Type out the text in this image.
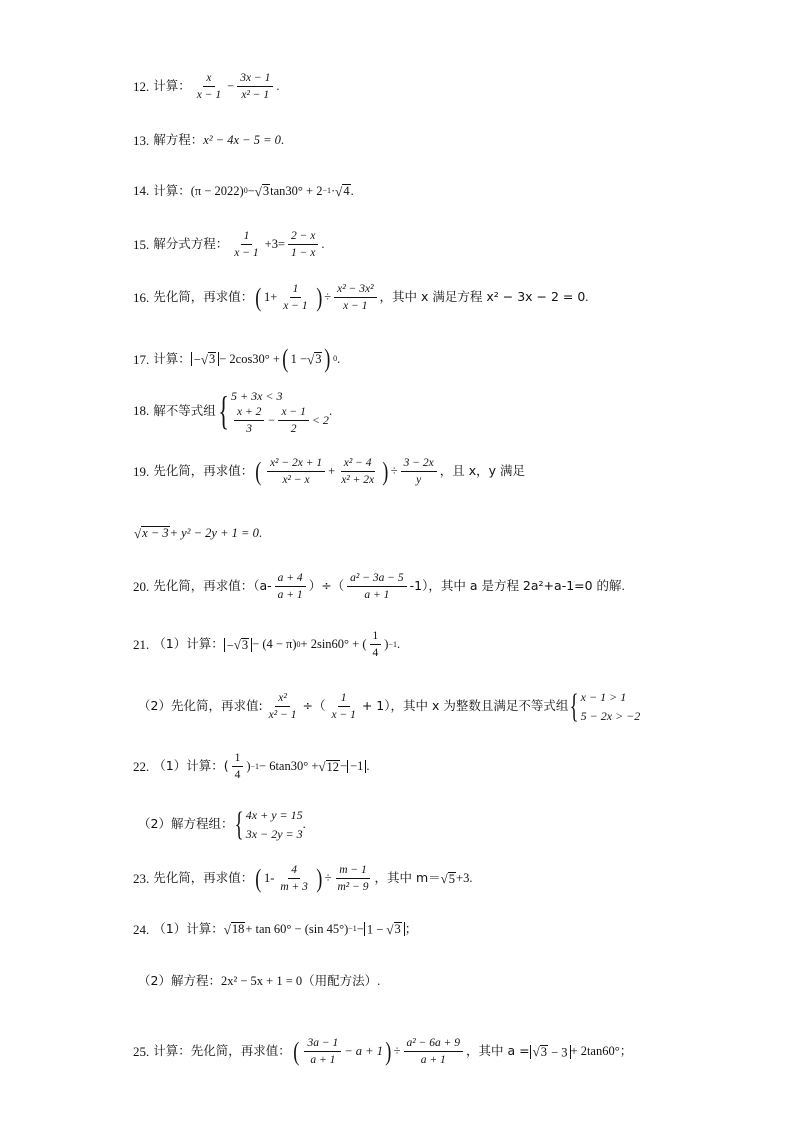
12. 计算： $\frac{x}{x - 1} - \frac{3x - 1}{\text{x² − 1}}$ .
13. 解方程： x² − 4x − 5 = 0 .
14. 计算： (π − 2022) 0 − √ 3 tan30° + 2 −1 · √ 4 .
15. 解分式方程： $\frac{1}{x - 1} +3= \frac{2 - x}{1 - x}$ .
16. 先化简，再求值： ( $1+ \frac{1}{x - 1}$ ) ÷ $\frac{\text{x² − 3x²}}{x - 1}$ ，其中 x 满足方程 x² − 3x − 2 = 0 .
17. 计算： − √ 3 − 2cos30° + ( 1 − √ 3 ) 0 .
18. 解不等式组 { 5 + 3x < 3
$\frac{x + 2}{3} - \frac{x - 1}{2} < 2$
.
19. 先化简，再求值： ( $\frac{\text{x² − 2x + 1}}{\text{x² − x}} + \frac{\text{x² − 4}}{\text{x² + 2x}}$ ) ÷ $\frac{3 - 2x}{y}$ ，且 x，y 满足
√ x − 3 + y² − 2y + 1 = 0 .
20. 先化简，再求值：（$a- \frac{a + 4}{a + 1}$ ）÷（ $\frac{\text{a² − 3a − 5}}{a + 1} -1$），其中 a 是方程 2a²+a-1=0 的解 .
21. （1）计算： − √ 3 − (4 − π) 0 + 2sin60° + ( $\frac{1}{4}$ ) −1 .
（2）先化简，再求值: $\frac{\text{x²}}{\text{x² − 1}}$ ÷（ $\frac{1}{x - 1} + 1$），其中 x 为整数且满足不等式组 { x − 1 > 1
5 − 2x > −2
22. （1）计算：( $\frac{1}{4}$ ) −1 − 6tan30° + √ 12 − −1 .
（2）解方程组： { 4x + y = 15
3x − 2y = 3
.
23. 先化简，再求值： ( $1- \frac{4}{m + 3}$ ) ÷ $\frac{m - 1}{\text{m² − 9}}$ ，其中 m＝ √ 5 +3 .
24. （1）计算： √ 18 + tan 60° − (sin 45°) −1 − 1 − √ 3 ；
（2）解方程： 2x² − 5x + 1 = 0（用配方法） .
25. 计算：先化简，再求值： ( $\frac{3a - 1}{a + 1} - a + 1$ ) ÷ $\frac{\text{a² − 6a + 9}}{a + 1}$ ，其中 a = √ 3 − 3 + 2tan60° ；
